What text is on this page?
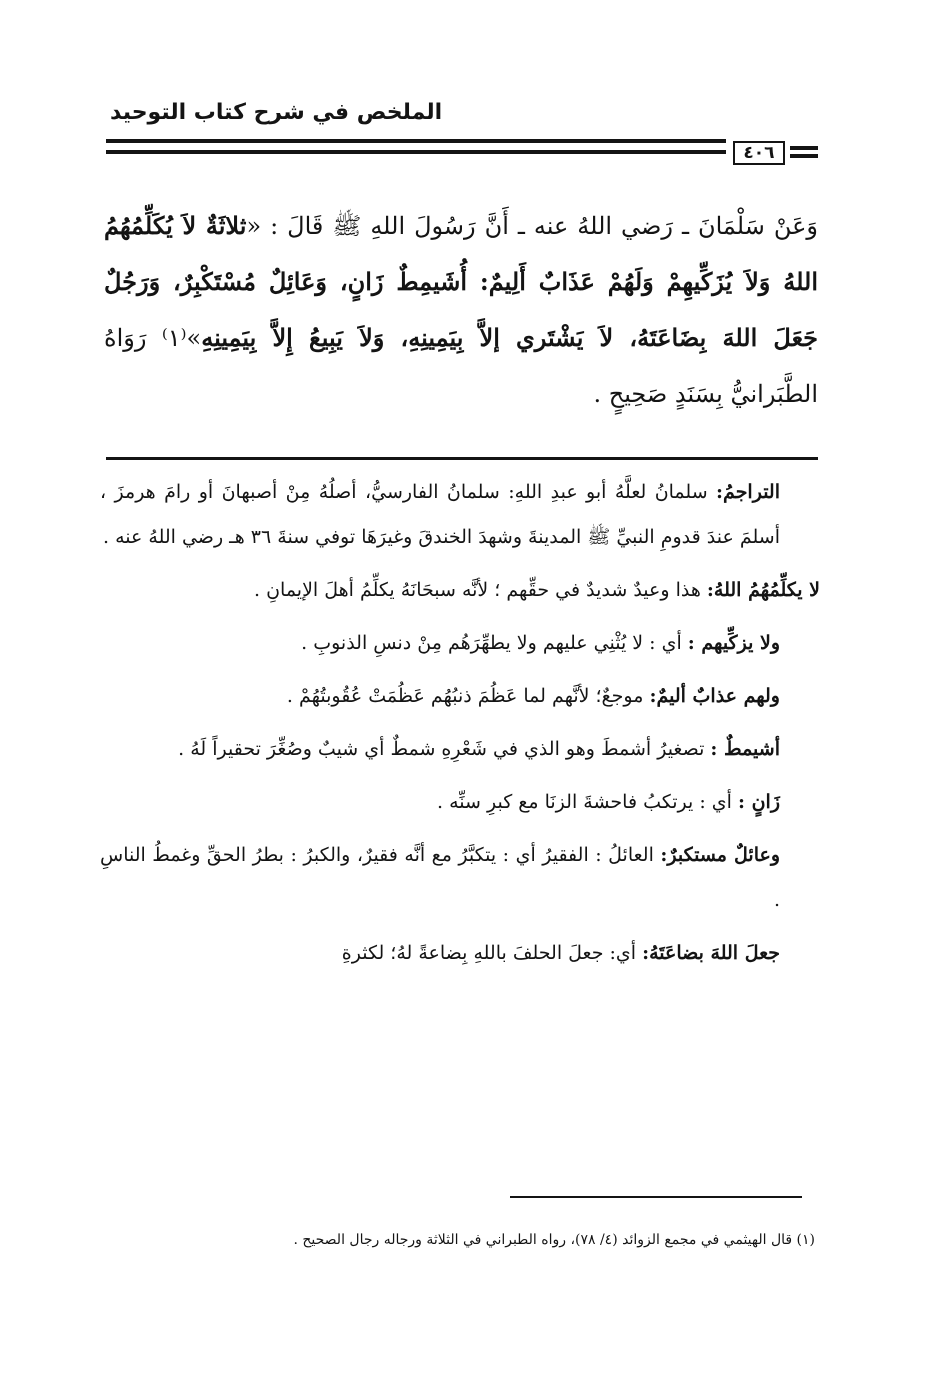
الملخص في شرح كتاب التوحيد
٤٠٦
وَعَنْ سَلْمَانَ ـ رَضي اللهُ عنه ـ أَنَّ رَسُولَ اللهِ ﷺ قَالَ : «ثلاثَةٌ لاَ يُكَلِّمُهُمُ اللهُ وَلاَ يُزَكِّيهِمْ وَلَهُمْ عَذَابٌ أَلِيمٌ: أُشَيمِطٌ زَانٍ، وَعَائِلٌ مُسْتَكْبِرٌ، وَرَجُلٌ جَعَلَ اللهَ بِضَاعَتَهُ، لاَ يَشْتَري إلاَّ بِيَمِينِهِ، وَلاَ يَبِيعُ إِلاَّ بِيَمِينِهِ»⁽١⁾ رَوَاهُ الطَّبَرانيُّ بِسَنَدٍ صَحِيحٍ .

التراجمُ: سلمانُ لعلَّهُ أبو عبدِ اللهِ: سلمانُ الفارسيُّ، أصلُهُ مِنْ أصبهانَ أو رامَ هرمزَ ، أسلمَ عندَ قدومِ النبيِّ ﷺ المدينةَ وشهدَ الخندقَ وغيرَهَا توفي سنةَ ٣٦ هـ رضي اللهُ عنه .

لا يكلِّمُهُمُ اللهُ: هذا وعيدٌ شديدٌ في حقِّهم ؛ لأنَّه سبحَانَهُ يكلِّمُ أهلَ الإيمانِ .

ولا يزكِّيهم : أي : لا يُثْنِي عليهم ولا يطهِّرَهُم مِنْ دنسِ الذنوبِ .

ولهم عذابٌ أليمٌ: موجعٌ؛ لأنَّهم لما عَظُمَ ذنبُهُم عَظُمَتْ عُقُوبتُهُمْ .

أشيمطٌ : تصغيرُ أشمطَ وهو الذي في شَعْرِهِ شمطٌ أي شيبٌ وصُغِّرَ تحقيراً لَهُ .

زَانٍ : أي : يرتكبُ فاحشةَ الزنَا مع كبرِ سنِّه .

وعائلٌ مستكبرٌ: العائلُ : الفقيرُ أي : يتكبَّرُ مع أنَّه فقيرٌ، والكبرُ : بطرُ الحقِّ وغمطُ الناسِ .

جعلَ اللهَ بضاعَتَهُ: أي: جعلَ الحلفَ باللهِ بِضاعةً لهُ؛ لكثرةِ

(١) قال الهيثمي في مجمع الزوائد (٤/ ٧٨)، رواه الطبراني في الثلاثة ورجاله رجال الصحيح .
